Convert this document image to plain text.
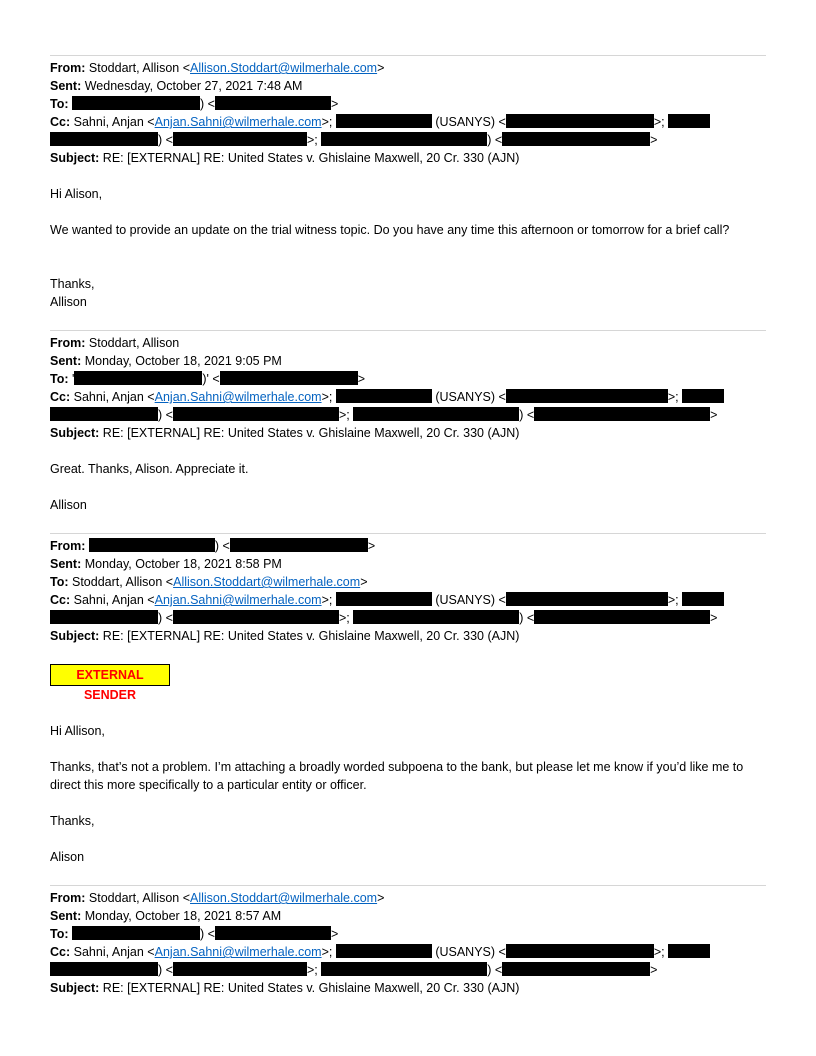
From: Stoddart, Allison <Allison.Stoddart@wilmerhale.com>
Sent: Wednesday, October 27, 2021 7:48 AM
To:	) <	>
Cc: Sahni, Anjan <Anjan.Sahni@wilmerhale.com>;	(USANYS) <	>;
) <	>;	) <	>
Subject: RE: [EXTERNAL] RE: United States v. Ghislaine Maxwell, 20 Cr. 330 (AJN)
Hi Alison,
We wanted to provide an update on the trial witness topic. Do you have any time this afternoon or tomorrow for a brief call?
Thanks,
Allison
From: Stoddart, Allison
Sent: Monday, October 18, 2021 9:05 PM
To: '	)' <	>
Cc: Sahni, Anjan <Anjan.Sahni@wilmerhale.com>;	(USANYS) <	>;
) <	>;	) <	>
Subject: RE: [EXTERNAL] RE: United States v. Ghislaine Maxwell, 20 Cr. 330 (AJN)
Great. Thanks, Alison. Appreciate it.
Allison
From:	) <	>
Sent: Monday, October 18, 2021 8:58 PM
To: Stoddart, Allison <Allison.Stoddart@wilmerhale.com>
Cc: Sahni, Anjan <Anjan.Sahni@wilmerhale.com>;	(USANYS) <	>;
) <	>;	) <	>
Subject: RE: [EXTERNAL] RE: United States v. Ghislaine Maxwell, 20 Cr. 330 (AJN)
EXTERNAL SENDER
Hi Allison,
Thanks, that’s not a problem. I’m attaching a broadly worded subpoena to the bank, but please let me know if you’d like me to direct this more specifically to a particular entity or officer.
Thanks,
Alison
From: Stoddart, Allison <Allison.Stoddart@wilmerhale.com>
Sent: Monday, October 18, 2021 8:57 AM
To:	) <	>
Cc: Sahni, Anjan <Anjan.Sahni@wilmerhale.com>;	(USANYS) <	>;
) <	>;	) <	>
Subject: RE: [EXTERNAL] RE: United States v. Ghislaine Maxwell, 20 Cr. 330 (AJN)
